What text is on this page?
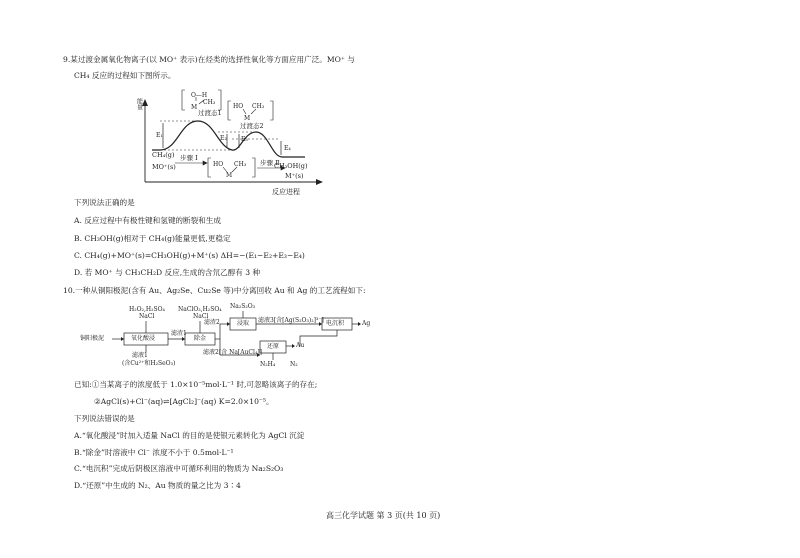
9.某过渡金属氧化物离子(以 MO⁺ 表示)在烃类的选择性氧化等方面应用广泛。MO⁺ 与
CH₄ 反应的过程如下图所示。
能量
反应进程
E₁	E₂ E₃
E₄
过渡态1
过渡态2
O—H
CH₃
M	HO CH₃
M
HO CH₃
M
步骤 Ⅰ
步骤 Ⅱ
CH₄(g)
MO⁺(s)	CH₃OH(g)
M⁺(s)
下列说法正确的是
A. 反应过程中有极性键和氢键的断裂和生成
B. CH₃OH(g)相对于 CH₄(g)能量更低,更稳定
C. CH₄(g)+MO⁺(s)=CH₃OH(g)+M⁺(s) ΔH=−(E₁−E₂+E₃−E₄)
D. 若 MO⁺ 与 CH₃CH₂D 反应,生成的含氘乙醇有 3 种
10.一种从铜阳极泥(含有 Au、Ag₂Se、Cu₂Se 等)中分离回收 Au 和 Ag 的工艺流程如下:
铜阳极泥	氧化酸浸	除金
浸取	电沉积
还原
H₂O₂,H₂SO₄
NaCl
NaClO₃,H₂SO₄
NaCl
Na₂S₂O₃
滤液1
(含Cu²⁺和H₂SeO₃)
滤渣1
滤渣2	滤液3[含[Ag(S₂O₃)₂]³⁻]
滤液2[含 Na[AuCl₄]]
Ag
Au
N₂H₄ N₂
已知:①当某离子的浓度低于 1.0×10⁻⁵mol·L⁻¹ 时,可忽略该离子的存在;
②AgCl(s)+Cl⁻(aq)⇌[AgCl₂]⁻(aq) K=2.0×10⁻⁵。
下列说法错误的是
A.“氧化酸浸”时加入适量 NaCl 的目的是使银元素转化为 AgCl 沉淀
B.“除金”时溶液中 Cl⁻ 浓度不小于 0.5mol·L⁻¹
C.“电沉积”完成后阴极区溶液中可循环利用的物质为 Na₂S₂O₃
D.“还原”中生成的 N₂、Au 物质的量之比为 3∶4
高三化学试题 第 3 页(共 10 页)
